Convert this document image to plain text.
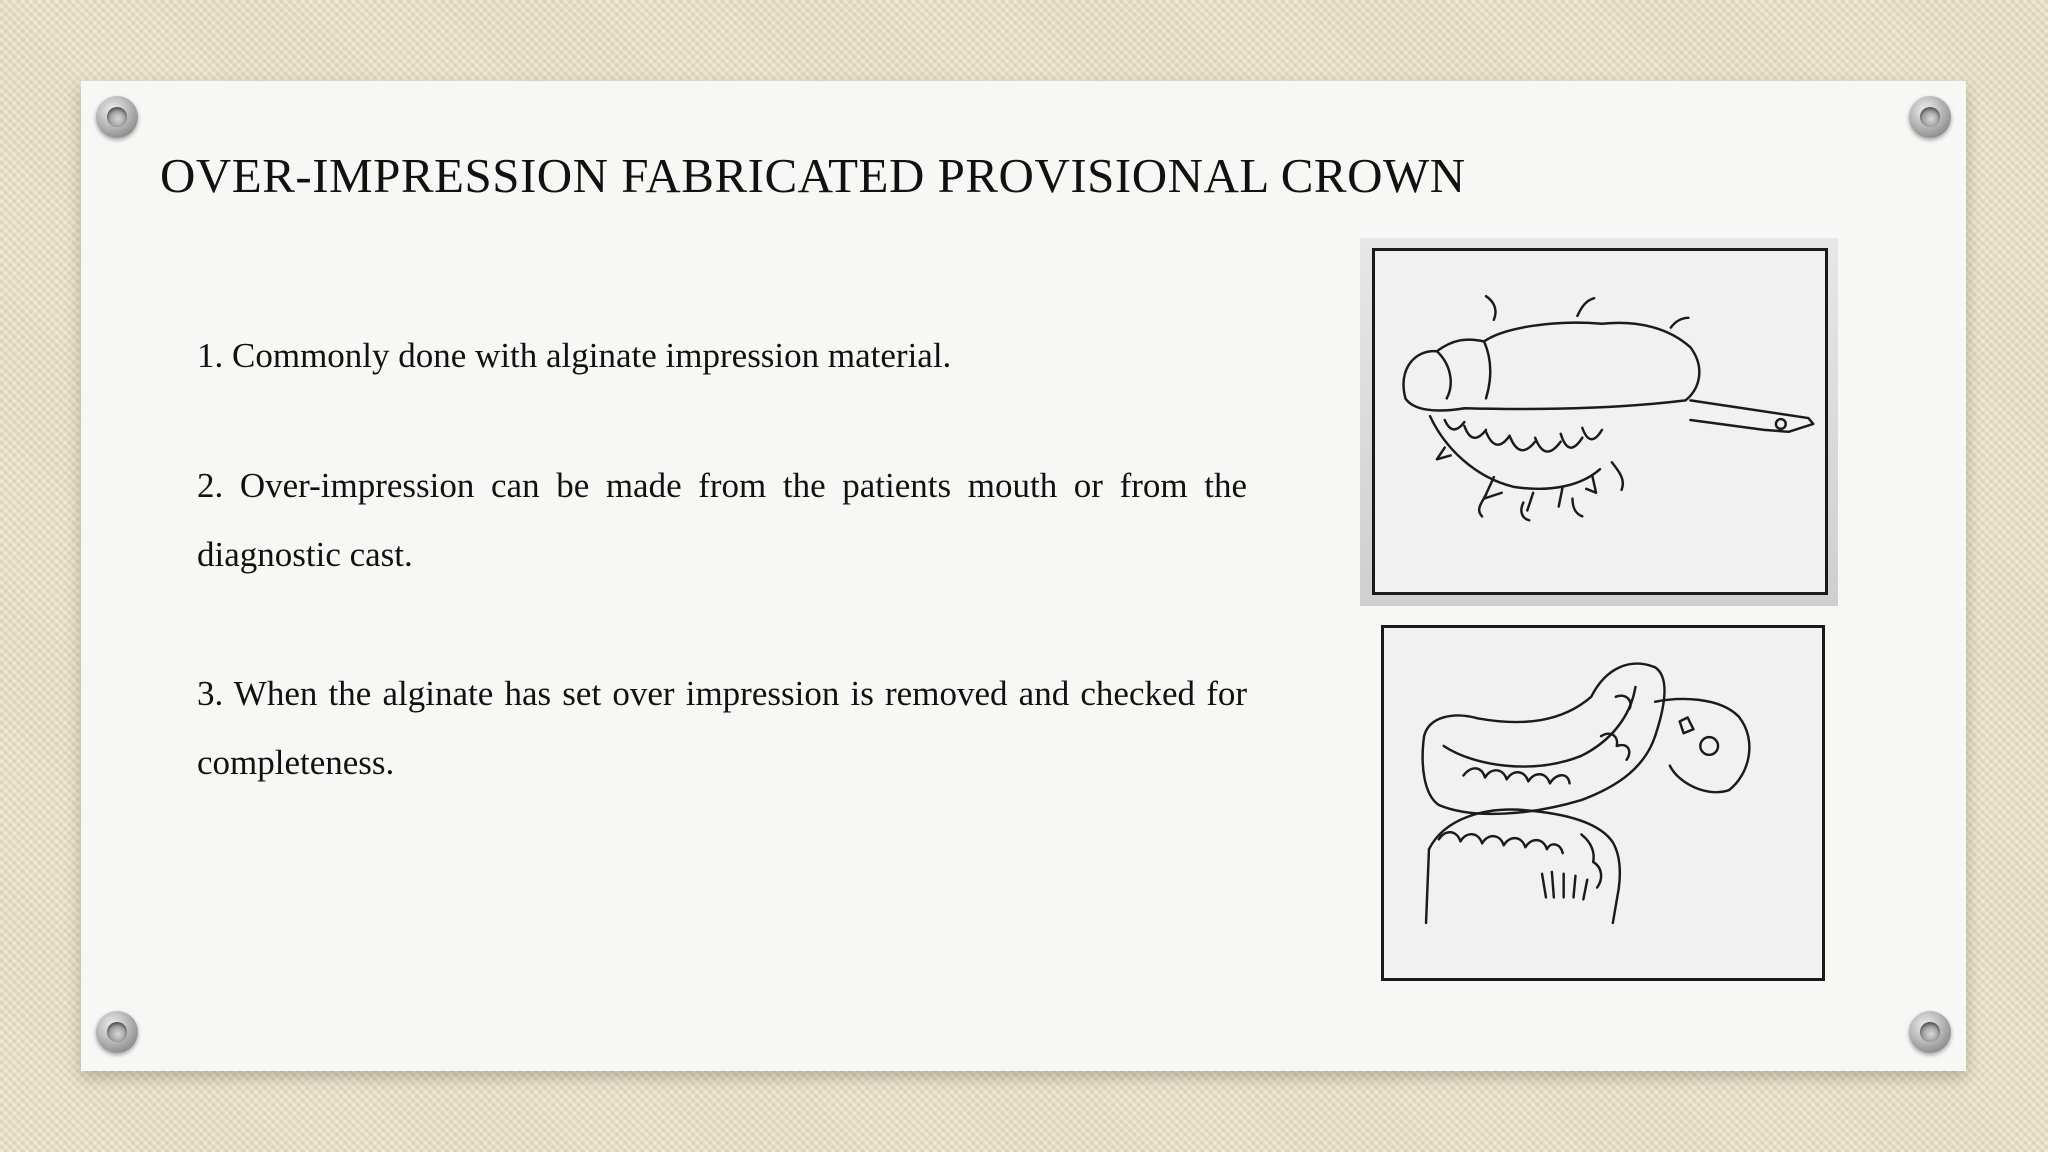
OVER-IMPRESSION FABRICATED PROVISIONAL CROWN

1. Commonly done with alginate impression material.

2. Over-impression can be made from the patients mouth or from the diagnostic cast.

3. When the alginate has set over impression is removed and checked for completeness.
